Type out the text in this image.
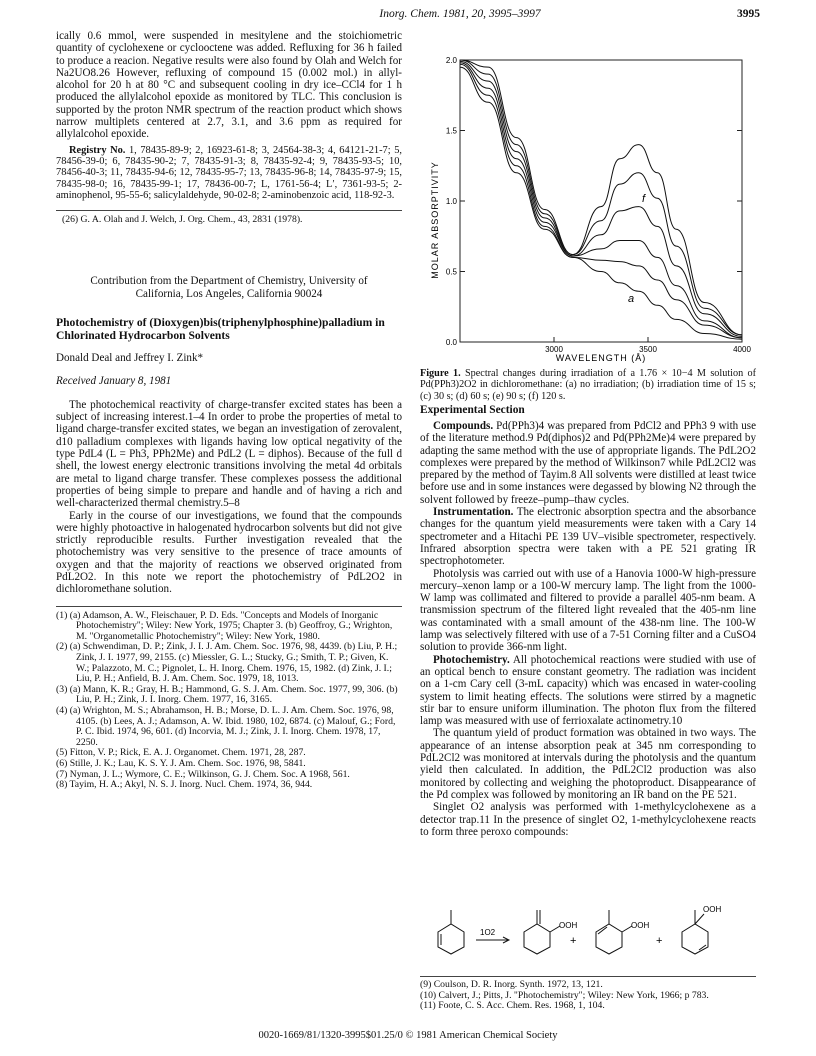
Inorg. Chem. 1981, 20, 3995–3997	3995

ically 0.6 mmol, were suspended in mesitylene and the stoichiometric quantity of cyclohexene or cyclooctene was added. Refluxing for 36 h failed to produce a reacion. Negative results were also found by Olah and Welch for Na2UO8.26 However, refluxing of compound 15 (0.002 mol.) in allyl-alcohol for 20 h at 80 °C and subsequent cooling in dry ice–CCl4 for 1 h produced the allylalcohol epoxide as monitored by TLC. This conclusion is supported by the proton NMR spectrum of the reaction product which shows narrow multiplets centered at 2.7, 3.1, and 3.6 ppm as required for allylalcohol epoxide.

Registry No. 1, 78435-89-9; 2, 16923-61-8; 3, 24564-38-3; 4, 64121-21-7; 5, 78456-39-0; 6, 78435-90-2; 7, 78435-91-3; 8, 78435-92-4; 9, 78435-93-5; 10, 78456-40-3; 11, 78435-94-6; 12, 78435-95-7; 13, 78435-96-8; 14, 78435-97-9; 15, 78435-98-0; 16, 78435-99-1; 17, 78436-00-7; L, 1761-56-4; L′, 7361-93-5; 2-aminophenol, 95-55-6; salicylaldehyde, 90-02-8; 2-aminobenzoic acid, 118-92-3.

(26) G. A. Olah and J. Welch, J. Org. Chem., 43, 2831 (1978).

Contribution from the Department of Chemistry, University of California, Los Angeles, California 90024

Photochemistry of (Dioxygen)bis(triphenylphosphine)palladium in Chlorinated Hydrocarbon Solvents

Donald Deal and Jeffrey I. Zink*

Received January 8, 1981

The photochemical reactivity of charge-transfer excited states has been a subject of increasing interest.1–4 In order to probe the properties of metal to ligand charge-transfer excited states, we began an investigation of zerovalent, d10 palladium complexes with ligands having low optical negativity of the type PdL4 (L = Ph3, PPh2Me) and PdL2 (L = diphos). Because of the full d shell, the lowest energy electronic transitions involving the metal 4d orbitals are metal to ligand charge transfer. These complexes possess the additional properties of being simple to prepare and handle and of having a rich and well-characterized thermal chemistry.5–8

Early in the course of our investigations, we found that the compounds were highly photoactive in halogenated hydrocarbon solvents but did not give strictly reproducible results. Further investigation revealed that the photochemistry was very sensitive to the presence of trace amounts of oxygen and that the majority of reactions we observed originated from PdL2O2. In this note we report the photochemistry of PdL2O2 in dichloromethane solution.

(1) (a) Adamson, A. W., Fleischauer, P. D. Eds. "Concepts and Models of Inorganic Photochemistry"; Wiley: New York, 1975; Chapter 3. (b) Geoffroy, G.; Wrighton, M. "Organometallic Photochemistry"; Wiley: New York, 1980.

(2) (a) Schwendiman, D. P.; Zink, J. I. J. Am. Chem. Soc. 1976, 98, 4439. (b) Liu, P. H.; Zink, J. I. 1977, 99, 2155. (c) Miessler, G. L.; Stucky, G.; Smith, T. P.; Given, K. W.; Palazzoto, M. C.; Pignolet, L. H. Inorg. Chem. 1976, 15, 1982. (d) Zink, J. I.; Liu, P. H.; Anfield, B. J. Am. Chem. Soc. 1979, 18, 1013.

(3) (a) Mann, K. R.; Gray, H. B.; Hammond, G. S. J. Am. Chem. Soc. 1977, 99, 306. (b) Liu, P. H.; Zink, J. I. Inorg. Chem. 1977, 16, 3165.

(4) (a) Wrighton, M. S.; Abrahamson, H. B.; Morse, D. L. J. Am. Chem. Soc. 1976, 98, 4105. (b) Lees, A. J.; Adamson, A. W. Ibid. 1980, 102, 6874. (c) Malouf, G.; Ford, P. C. Ibid. 1974, 96, 601. (d) Incorvia, M. J.; Zink, J. I. Inorg. Chem. 1978, 17, 2250.

(5) Fitton, V. P.; Rick, E. A. J. Organomet. Chem. 1971, 28, 287.

(6) Stille, J. K.; Lau, K. S. Y. J. Am. Chem. Soc. 1976, 98, 5841.

(7) Nyman, J. L.; Wymore, C. E.; Wilkinson, G. J. Chem. Soc. A 1968, 561.

(8) Tayim, H. A.; Akyl, N. S. J. Inorg. Nucl. Chem. 1974, 36, 944.

0.0
0.5
1.0
1.5
2.0
3000	3500	4000
f
a
MOLAR ABSORPTIVITY
WAVELENGTH (Å)

Figure 1. Spectral changes during irradiation of a 1.76 × 10−4 M solution of Pd(PPh3)2O2 in dichloromethane: (a) no irradiation; (b) irradiation time of 15 s; (c) 30 s; (d) 60 s; (e) 90 s; (f) 120 s.

Experimental Section

Compounds. Pd(PPh3)4 was prepared from PdCl2 and PPh3 9 with use of the literature method.9 Pd(diphos)2 and Pd(PPh2Me)4 were prepared by adapting the same method with the use of appropriate ligands. The PdL2O2 complexes were prepared by the method of Wilkinson7 while PdL2Cl2 was prepared by the method of Tayim.8 All solvents were distilled at least twice before use and in some instances were degassed by blowing N2 through the solvent followed by freeze–pump–thaw cycles.

Instrumentation. The electronic absorption spectra and the absorbance changes for the quantum yield measurements were taken with a Cary 14 spectrometer and a Hitachi PE 139 UV–visible spectrometer, respectively. Infrared absorption spectra were taken with a PE 521 grating IR spectrophotometer.

Photolysis was carried out with use of a Hanovia 1000-W high-pressure mercury–xenon lamp or a 100-W mercury lamp. The light from the 1000-W lamp was collimated and filtered to provide a parallel 405-nm beam. A transmission spectrum of the filtered light revealed that the 405-nm line was contaminated with a small amount of the 438-nm line. The 100-W lamp was selectively filtered with use of a 7-51 Corning filter and a CuSO4 solution to provide 366-nm light.

Photochemistry. All photochemical reactions were studied with use of an optical bench to ensure constant geometry. The radiation was incident on a 1-cm Cary cell (3-mL capacity) which was encased in water-cooling system to limit heating effects. The solutions were stirred by a magnetic stir bar to ensure uniform illumination. The photon flux from the filtered lamp was measured with use of ferrioxalate actinometry.10

The quantum yield of product formation was obtained in two ways. The appearance of an intense absorption peak at 345 nm corresponding to PdL2Cl2 was monitored at intervals during the photolysis and the quantum yield then calculated. In addition, the PdL2Cl2 production was also monitored by collecting and weighing the photoproduct. Disappearance of the Pd complex was followed by monitoring an IR band on the PE 521.

Singlet O2 analysis was performed with 1-methylcyclohexene as a detector trap.11 In the presence of singlet O2, 1-methylcyclohexene reacts to form three peroxo compounds:

1O2
OOH
+
OOH
+
OOH

(9) Coulson, D. R. Inorg. Synth. 1972, 13, 121.

(10) Calvert, J.; Pitts, J. "Photochemistry"; Wiley: New York, 1966; p 783.

(11) Foote, C. S. Acc. Chem. Res. 1968, 1, 104.

0020-1669/81/1320-3995$01.25/0 © 1981 American Chemical Society
